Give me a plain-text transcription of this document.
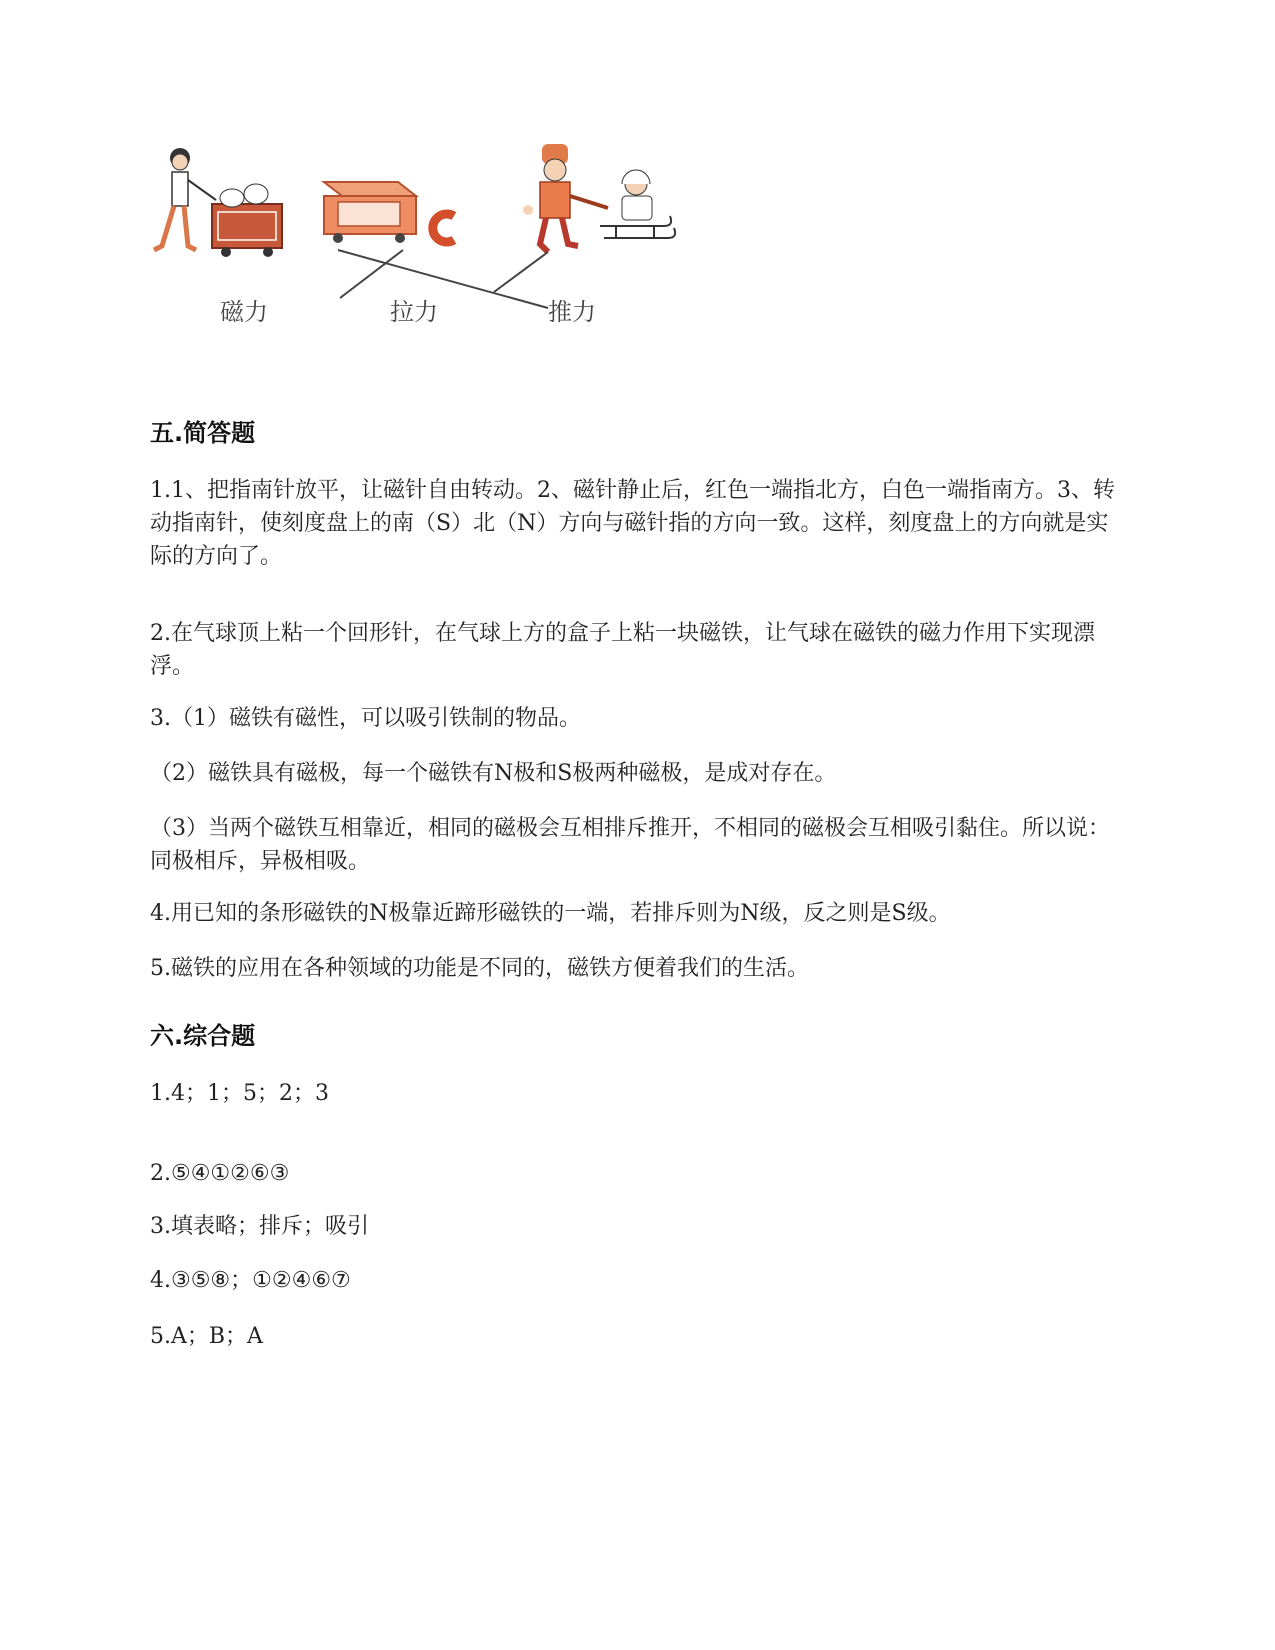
磁力	拉力	推力
五.简答题
1.1、把指南针放平，让磁针自由转动。2、磁针静止后，红色一端指北方，白色一端指南方。3、转动指南针，使刻度盘上的南（S）北（N）方向与磁针指的方向一致。这样，刻度盘上的方向就是实际的方向了。
2.在气球顶上粘一个回形针，在气球上方的盒子上粘一块磁铁，让气球在磁铁的磁力作用下实现漂浮。
3.（1）磁铁有磁性，可以吸引铁制的物品。
（2）磁铁具有磁极，每一个磁铁有N极和S极两种磁极，是成对存在。
（3）当两个磁铁互相靠近，相同的磁极会互相排斥推开，不相同的磁极会互相吸引黏住。所以说：同极相斥，异极相吸。
4.用已知的条形磁铁的N极靠近蹄形磁铁的一端，若排斥则为N级，反之则是S级。
5.磁铁的应用在各种领域的功能是不同的，磁铁方便着我们的生活。
六.综合题
1.4；1；5；2；3
2.⑤④①②⑥③
3.填表略；排斥；吸引
4.③⑤⑧；①②④⑥⑦
5.A；B；A
